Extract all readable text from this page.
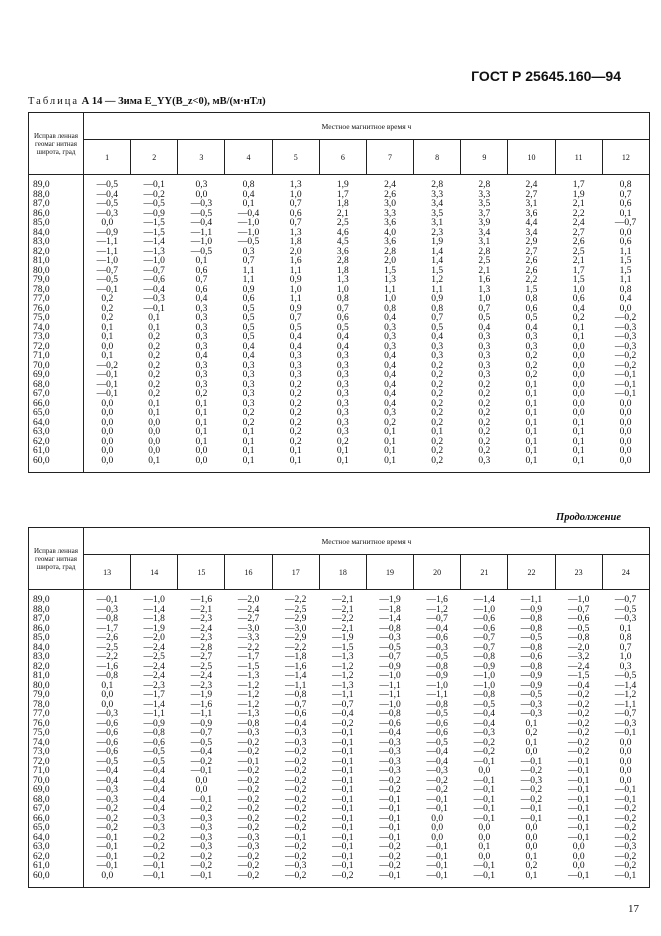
ГОСТ Р 25645.160—94
Таблица А 14 — Зима E_YY(B_z<0), мВ/(м·нТл)
Исправ ленная геомаг нитная широта, град	Местное магнитное время ч											
	1	2	3	4	5	6	7	8	9	10	11	12
89,0	—0,5	—0,1	0,3	0,8	1,3	1,9	2,4	2,8	2,8	2,4	1,7	0,8
88,0	—0,4	—0,2	0,0	0,4	1,0	1,7	2,6	3,3	3,3	2,7	1,9	0,7
87,0	—0,5	—0,5	—0,3	0,1	0,7	1,8	3,0	3,4	3,5	3,1	2,1	0,6
86,0	—0,3	—0,9	—0,5	—0,4	0,6	2,1	3,3	3,5	3,7	3,6	2,2	0,1
85,0	0,0	—1,5	—0,4	—1,0	0,7	2,5	3,6	3,1	3,9	4,4	2,4	—0,7
84,0	—0,9	—1,5	—1,1	—1,0	1,3	4,6	4,0	2,3	3,4	3,4	2,7	0,0
83,0	—1,1	—1,4	—1,0	—0,5	1,8	4,5	3,6	1,9	3,1	2,9	2,6	0,6
82,0	—1,1	—1,3	—0,5	0,3	2,0	3,6	2,8	1,4	2,8	2,7	2,5	1,1
81,0	—1,0	—1,0	0,1	0,7	1,6	2,8	2,0	1,4	2,5	2,6	2,1	1,5
80,0	—0,7	—0,7	0,6	1,1	1,1	1,8	1,5	1,5	2,1	2,6	1,7	1,5
79,0	—0,5	—0,6	0,7	1,1	0,9	1,3	1,3	1,2	1,6	2,2	1,5	1,1
78,0	—0,1	—0,4	0,6	0,9	1,0	1,0	1,1	1,1	1,3	1,5	1,0	0,8
77,0	0,2	—0,3	0,4	0,6	1,1	0,8	1,0	0,9	1,0	0,8	0,6	0,4
76,0	0,2	—0,1	0,3	0,5	0,9	0,7	0,8	0,8	0,7	0,6	0,4	0,0
75,0	0,2	0,1	0,3	0,5	0,7	0,6	0,4	0,7	0,5	0,5	0,2	—0,2
74,0	0,1	0,1	0,3	0,5	0,5	0,5	0,3	0,5	0,4	0,4	0,1	—0,3
73,0	0,1	0,2	0,3	0,5	0,4	0,4	0,3	0,4	0,3	0,3	0,1	—0,3
72,0	0,0	0,2	0,3	0,4	0,4	0,4	0,3	0,3	0,3	0,3	0,0	—0,3
71,0	0,1	0,2	0,4	0,4	0,3	0,3	0,4	0,3	0,3	0,2	0,0	—0,2
70,0	—0,2	0,2	0,3	0,3	0,3	0,3	0,4	0,2	0,3	0,2	0,0	—0,2
69,0	—0,1	0,2	0,3	0,3	0,3	0,3	0,4	0,2	0,3	0,2	0,0	—0,1
68,0	—0,1	0,2	0,3	0,3	0,2	0,3	0,4	0,2	0,2	0,1	0,0	—0,1
67,0	—0,1	0,2	0,2	0,3	0,2	0,3	0,4	0,2	0,2	0,1	0,0	—0,1
66,0	0,0	0,1	0,1	0,3	0,2	0,3	0,4	0,2	0,2	0,1	0,0	0,0
65,0	0,0	0,1	0,1	0,2	0,2	0,3	0,3	0,2	0,2	0,1	0,0	0,0
64,0	0,0	0,0	0,1	0,2	0,2	0,3	0,2	0,2	0,2	0,1	0,1	0,0
63,0	0,0	0,0	0,1	0,1	0,2	0,3	0,1	0,1	0,2	0,1	0,1	0,0
62,0	0,0	0,0	0,1	0,1	0,2	0,2	0,1	0,2	0,2	0,1	0,1	0,0
61,0	0,0	0,0	0,0	0,1	0,1	0,1	0,1	0,2	0,2	0,1	0,1	0,0
60,0	0,0	0,1	0,0	0,1	0,1	0,1	0,1	0,2	0,3	0,1	0,1	0,0
Продолжение
Исправ ленная геомаг нитная широта, град	Местное магнитное время ч											
	13	14	15	16	17	18	19	20	21	22	23	24
89,0	—0,1	—1,0	—1,6	—2,0	—2,2	—2,1	—1,9	—1,6	—1,4	—1,1	—1,0	—0,7
88,0	—0,3	—1,4	—2,1	—2,4	—2,5	—2,1	—1,8	—1,2	—1,0	—0,9	—0,7	—0,5
87,0	—0,8	—1,8	—2,3	—2,7	—2,9	—2,2	—1,4	—0,7	—0,6	—0,8	—0,6	—0,3
86,0	—1,7	—1,9	—2,4	—3,0	—3,0	—2,1	—0,8	—0,4	—0,6	—0,8	—0,5	0,1
85,0	—2,6	—2,0	—2,3	—3,3	—2,9	—1,9	—0,3	—0,6	—0,7	—0,5	—0,8	0,8
84,0	—2,5	—2,4	—2,8	—2,2	—2,2	—1,5	—0,5	—0,3	—0,7	—0,8	—2,0	0,7
83,0	—2,2	—2,5	—2,7	—1,7	—1,8	—1,3	—0,7	—0,5	—0,8	—0,6	—3,2	1,0
82,0	—1,6	—2,4	—2,5	—1,5	—1,6	—1,2	—0,9	—0,8	—0,9	—0,8	—2,4	0,3
81,0	—0,8	—2,4	—2,4	—1,3	—1,4	—1,2	—1,0	—0,9	—1,0	—0,9	—1,5	—0,5
80,0	0,1	—2,3	—2,3	—1,2	—1,1	—1,3	—1,1	—1,0	—1,0	—0,9	—0,4	—1,4
79,0	0,0	—1,7	—1,9	—1,2	—0,8	—1,1	—1,1	—1,1	—0,8	—0,5	—0,2	—1,2
78,0	0,0	—1,4	—1,6	—1,2	—0,7	—0,7	—1,0	—0,8	—0,5	—0,3	—0,2	—1,1
77,0	—0,3	—1,1	—1,1	—1,3	—0,6	—0,4	—0,8	—0,5	—0,4	—0,3	—0,2	—0,7
76,0	—0,6	—0,9	—0,9	—0,8	—0,4	—0,2	—0,6	—0,6	—0,4	0,1	—0,2	—0,3
75,0	—0,6	—0,8	—0,7	—0,3	—0,3	—0,1	—0,4	—0,6	—0,3	0,2	—0,2	—0,1
74,0	—0,6	—0,6	—0,5	—0,2	—0,3	—0,1	—0,3	—0,5	—0,2	0,1	—0,2	0,0
73,0	—0,6	—0,5	—0,4	—0,2	—0,2	—0,1	—0,3	—0,4	—0,2	0,0	—0,2	0,0
72,0	—0,5	—0,5	—0,2	—0,1	—0,2	—0,1	—0,3	—0,4	—0,1	—0,1	—0,1	0,0
71,0	—0,4	—0,4	—0,1	—0,2	—0,2	—0,1	—0,3	—0,3	0,0	—0,2	—0,1	0,0
70,0	—0,4	—0,4	0,0	—0,2	—0,2	—0,1	—0,2	—0,2	—0,1	—0,3	—0,1	0,0
69,0	—0,3	—0,4	0,0	—0,2	—0,2	—0,1	—0,2	—0,2	—0,1	—0,2	—0,1	—0,1
68,0	—0,3	—0,4	—0,1	—0,2	—0,2	—0,1	—0,1	—0,1	—0,1	—0,2	—0,1	—0,1
67,0	—0,2	—0,4	—0,2	—0,2	—0,2	—0,1	—0,1	—0,1	—0,1	—0,1	—0,1	—0,2
66,0	—0,2	—0,3	—0,3	—0,2	—0,2	—0,1	—0,1	0,0	—0,1	—0,1	—0,1	—0,2
65,0	—0,2	—0,3	—0,3	—0,2	—0,2	—0,1	—0,1	0,0	0,0	0,0	—0,1	—0,2
64,0	—0,1	—0,2	—0,3	—0,3	—0,1	—0,1	—0,1	0,0	0,0	0,0	—0,1	—0,2
63,0	—0,1	—0,2	—0,3	—0,3	—0,2	—0,1	—0,2	—0,1	0,1	0,0	0,0	—0,3
62,0	—0,1	—0,2	—0,2	—0,2	—0,2	—0,1	—0,2	—0,1	0,0	0,1	0,0	—0,2
61,0	—0,1	—0,1	—0,2	—0,2	—0,3	—0,1	—0,2	—0,1	—0,1	0,2	0,0	—0,2
60,0	0,0	—0,1	—0,1	—0,2	—0,2	—0,2	—0,1	—0,1	—0,1	0,1	—0,1	—0,1
17
